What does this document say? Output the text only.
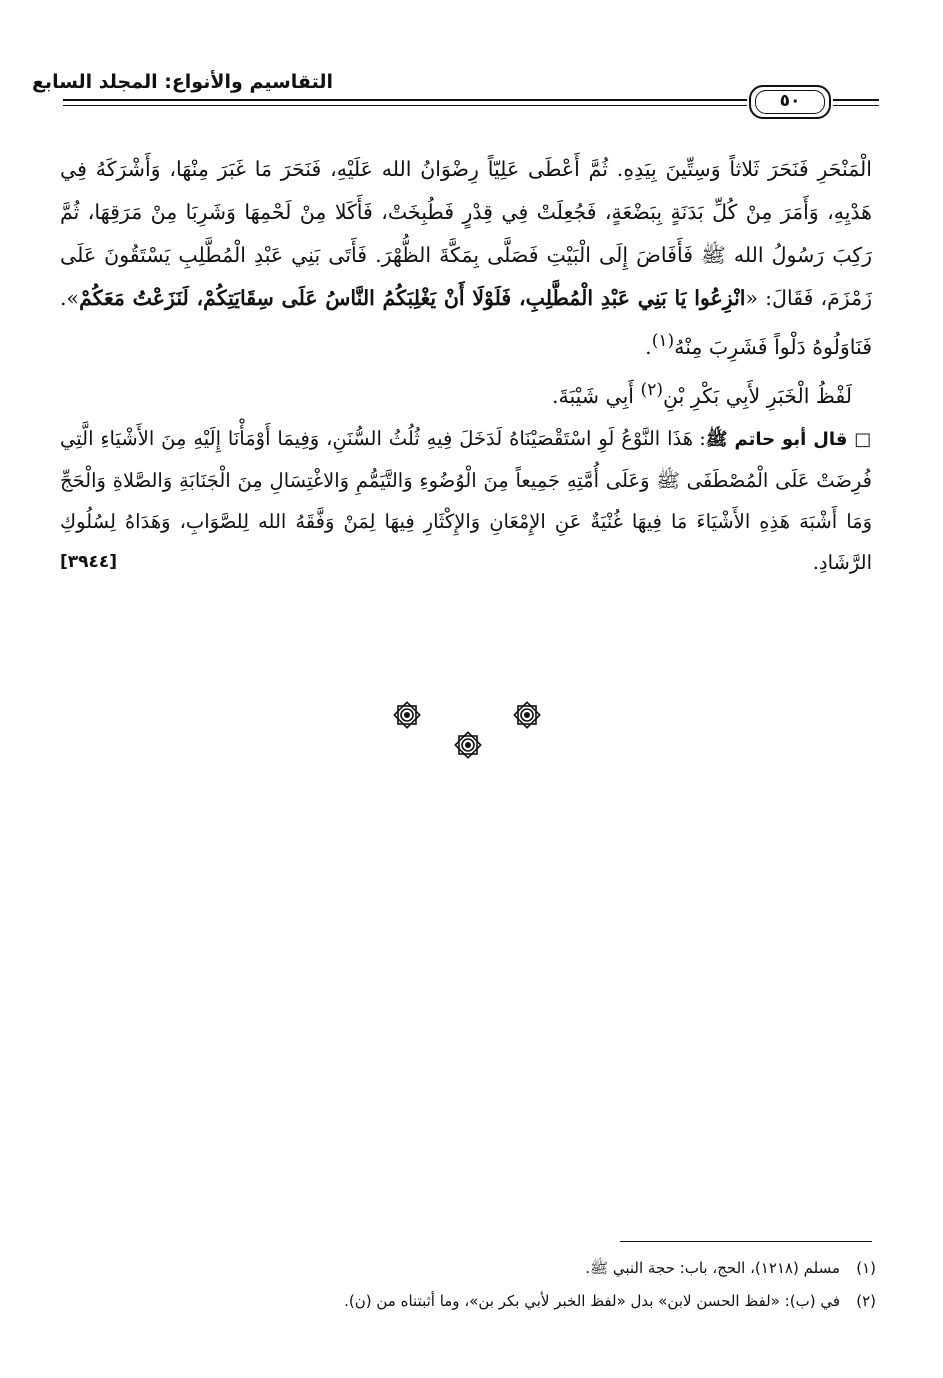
التقاسيم والأنواع: المجلد السابع
٥٠

الْمَنْحَرِ فَنَحَرَ ثَلاثاً وَسِتِّينَ بِيَدِهِ. ثُمَّ أَعْطَى عَلِيّاً رِضْوَانُ الله عَلَيْهِ، فَنَحَرَ مَا غَبَرَ مِنْهَا، وَأَشْرَكَهُ فِي هَدْيِهِ، وَأَمَرَ مِنْ كُلِّ بَدَنَةٍ بِبَضْعَةٍ، فَجُعِلَتْ فِي قِدْرٍ فَطُبِخَتْ، فَأَكَلا مِنْ لَحْمِهَا وَشَرِبَا مِنْ مَرَقِهَا، ثُمَّ رَكِبَ رَسُولُ الله ﷺ فَأَفَاضَ إِلَى الْبَيْتِ فَصَلَّى بِمَكَّةَ الظُّهْرَ. فَأَتَى بَنِي عَبْدِ الْمُطَّلِبِ يَسْتَقُونَ عَلَى زَمْزَمَ، فَقَالَ: «انْزِعُوا يَا بَنِي عَبْدِ الْمُطَّلِبِ، فَلَوْلَا أَنْ يَغْلِبَكُمُ النَّاسُ عَلَى سِقَايَتِكُمْ، لَنَزَعْتُ مَعَكُمْ». فَنَاوَلُوهُ دَلْواً فَشَرِبَ مِنْهُ$^{(١)}$.

لَفْظُ الْخَبَرِ لأَبِي بَكْرِ بْنِ$^{(٢)}$ أَبِي شَيْبَةَ.

□ قال أبو حاتم ﷺ: هَذَا النَّوْعُ لَوِ اسْتَقْصَيْنَاهُ لَدَخَلَ فِيهِ ثُلُثُ السُّنَنِ، وَفِيمَا أَوْمَأْنَا إِلَيْهِ مِنَ الأَشْيَاءِ الَّتِي فُرِضَتْ عَلَى الْمُصْطَفَى ﷺ وَعَلَى أُمَّتِهِ جَمِيعاً مِنَ الْوُضُوءِ وَالتَّيَمُّمِ وَالاغْتِسَالِ مِنَ الْجَنَابَةِ وَالصَّلاةِ وَالْحَجِّ وَمَا أَشْبَهَ هَذِهِ الأَشْيَاءَ مَا فِيهَا غُنْيَةٌ عَنِ الإِمْعَانِ وَالإِكْثَارِ فِيهَا لِمَنْ وَفَّقَهُ الله لِلصَّوَابِ، وَهَدَاهُ لِسُلُوكِ الرَّشَادِ.
[٣٩٤٤]

(١)مسلم (١٢١٨)، الحج، باب: حجة النبي ﷺ.

(٢)في (ب): «لفظ الحسن لابن» بدل «لفظ الخبر لأبي بكر بن»، وما أثبتناه من (ن).
